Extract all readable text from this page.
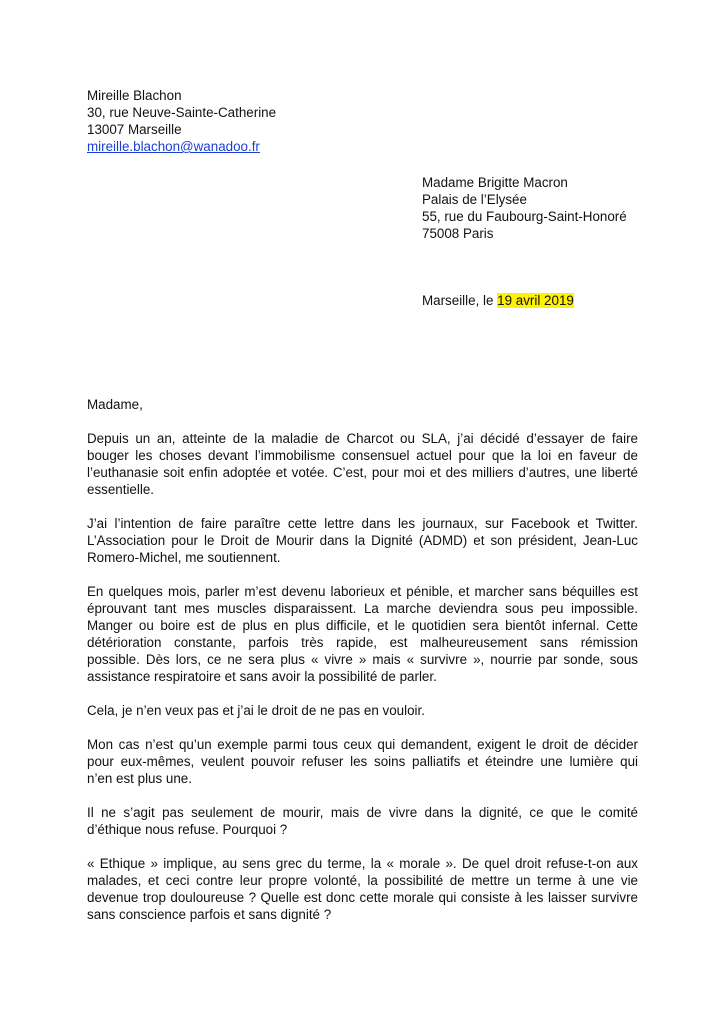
Mireille Blachon
30, rue Neuve-Sainte-Catherine
13007 Marseille
mireille.blachon@wanadoo.fr
Madame Brigitte Macron
Palais de l’Elysée
55, rue du Faubourg-Saint-Honoré
75008 Paris
Marseille, le 19 avril 2019

Madame,

Depuis un an, atteinte de la maladie de Charcot ou SLA, j’ai décidé d’essayer de faire
bouger les choses devant l’immobilisme consensuel actuel pour que la loi en faveur de
l’euthanasie soit enfin adoptée et votée. C’est, pour moi et des milliers d’autres, une liberté
essentielle.

J’ai l’intention de faire paraître cette lettre dans les journaux, sur Facebook et Twitter.
L’Association pour le Droit de Mourir dans la Dignité (ADMD) et son président, Jean-Luc
Romero-Michel, me soutiennent.

En quelques mois, parler m’est devenu laborieux et pénible, et marcher sans béquilles est
éprouvant tant mes muscles disparaissent. La marche deviendra sous peu impossible.
Manger ou boire est de plus en plus difficile, et le quotidien sera bientôt infernal. Cette
détérioration constante, parfois très rapide, est malheureusement sans rémission
possible. Dès lors, ce ne sera plus « vivre » mais « survivre », nourrie par sonde, sous
assistance respiratoire et sans avoir la possibilité de parler.

Cela, je n’en veux pas et j’ai le droit de ne pas en vouloir.

Mon cas n’est qu’un exemple parmi tous ceux qui demandent, exigent le droit de décider
pour eux-mêmes, veulent pouvoir refuser les soins palliatifs et éteindre une lumière qui
n’en est plus une.

Il ne s’agit pas seulement de mourir, mais de vivre dans la dignité, ce que le comité
d’éthique nous refuse. Pourquoi ?

« Ethique » implique, au sens grec du terme, la « morale ». De quel droit refuse-t-on aux
malades, et ceci contre leur propre volonté, la possibilité de mettre un terme à une vie
devenue trop douloureuse ? Quelle est donc cette morale qui consiste à les laisser survivre
sans conscience parfois et sans dignité ?
